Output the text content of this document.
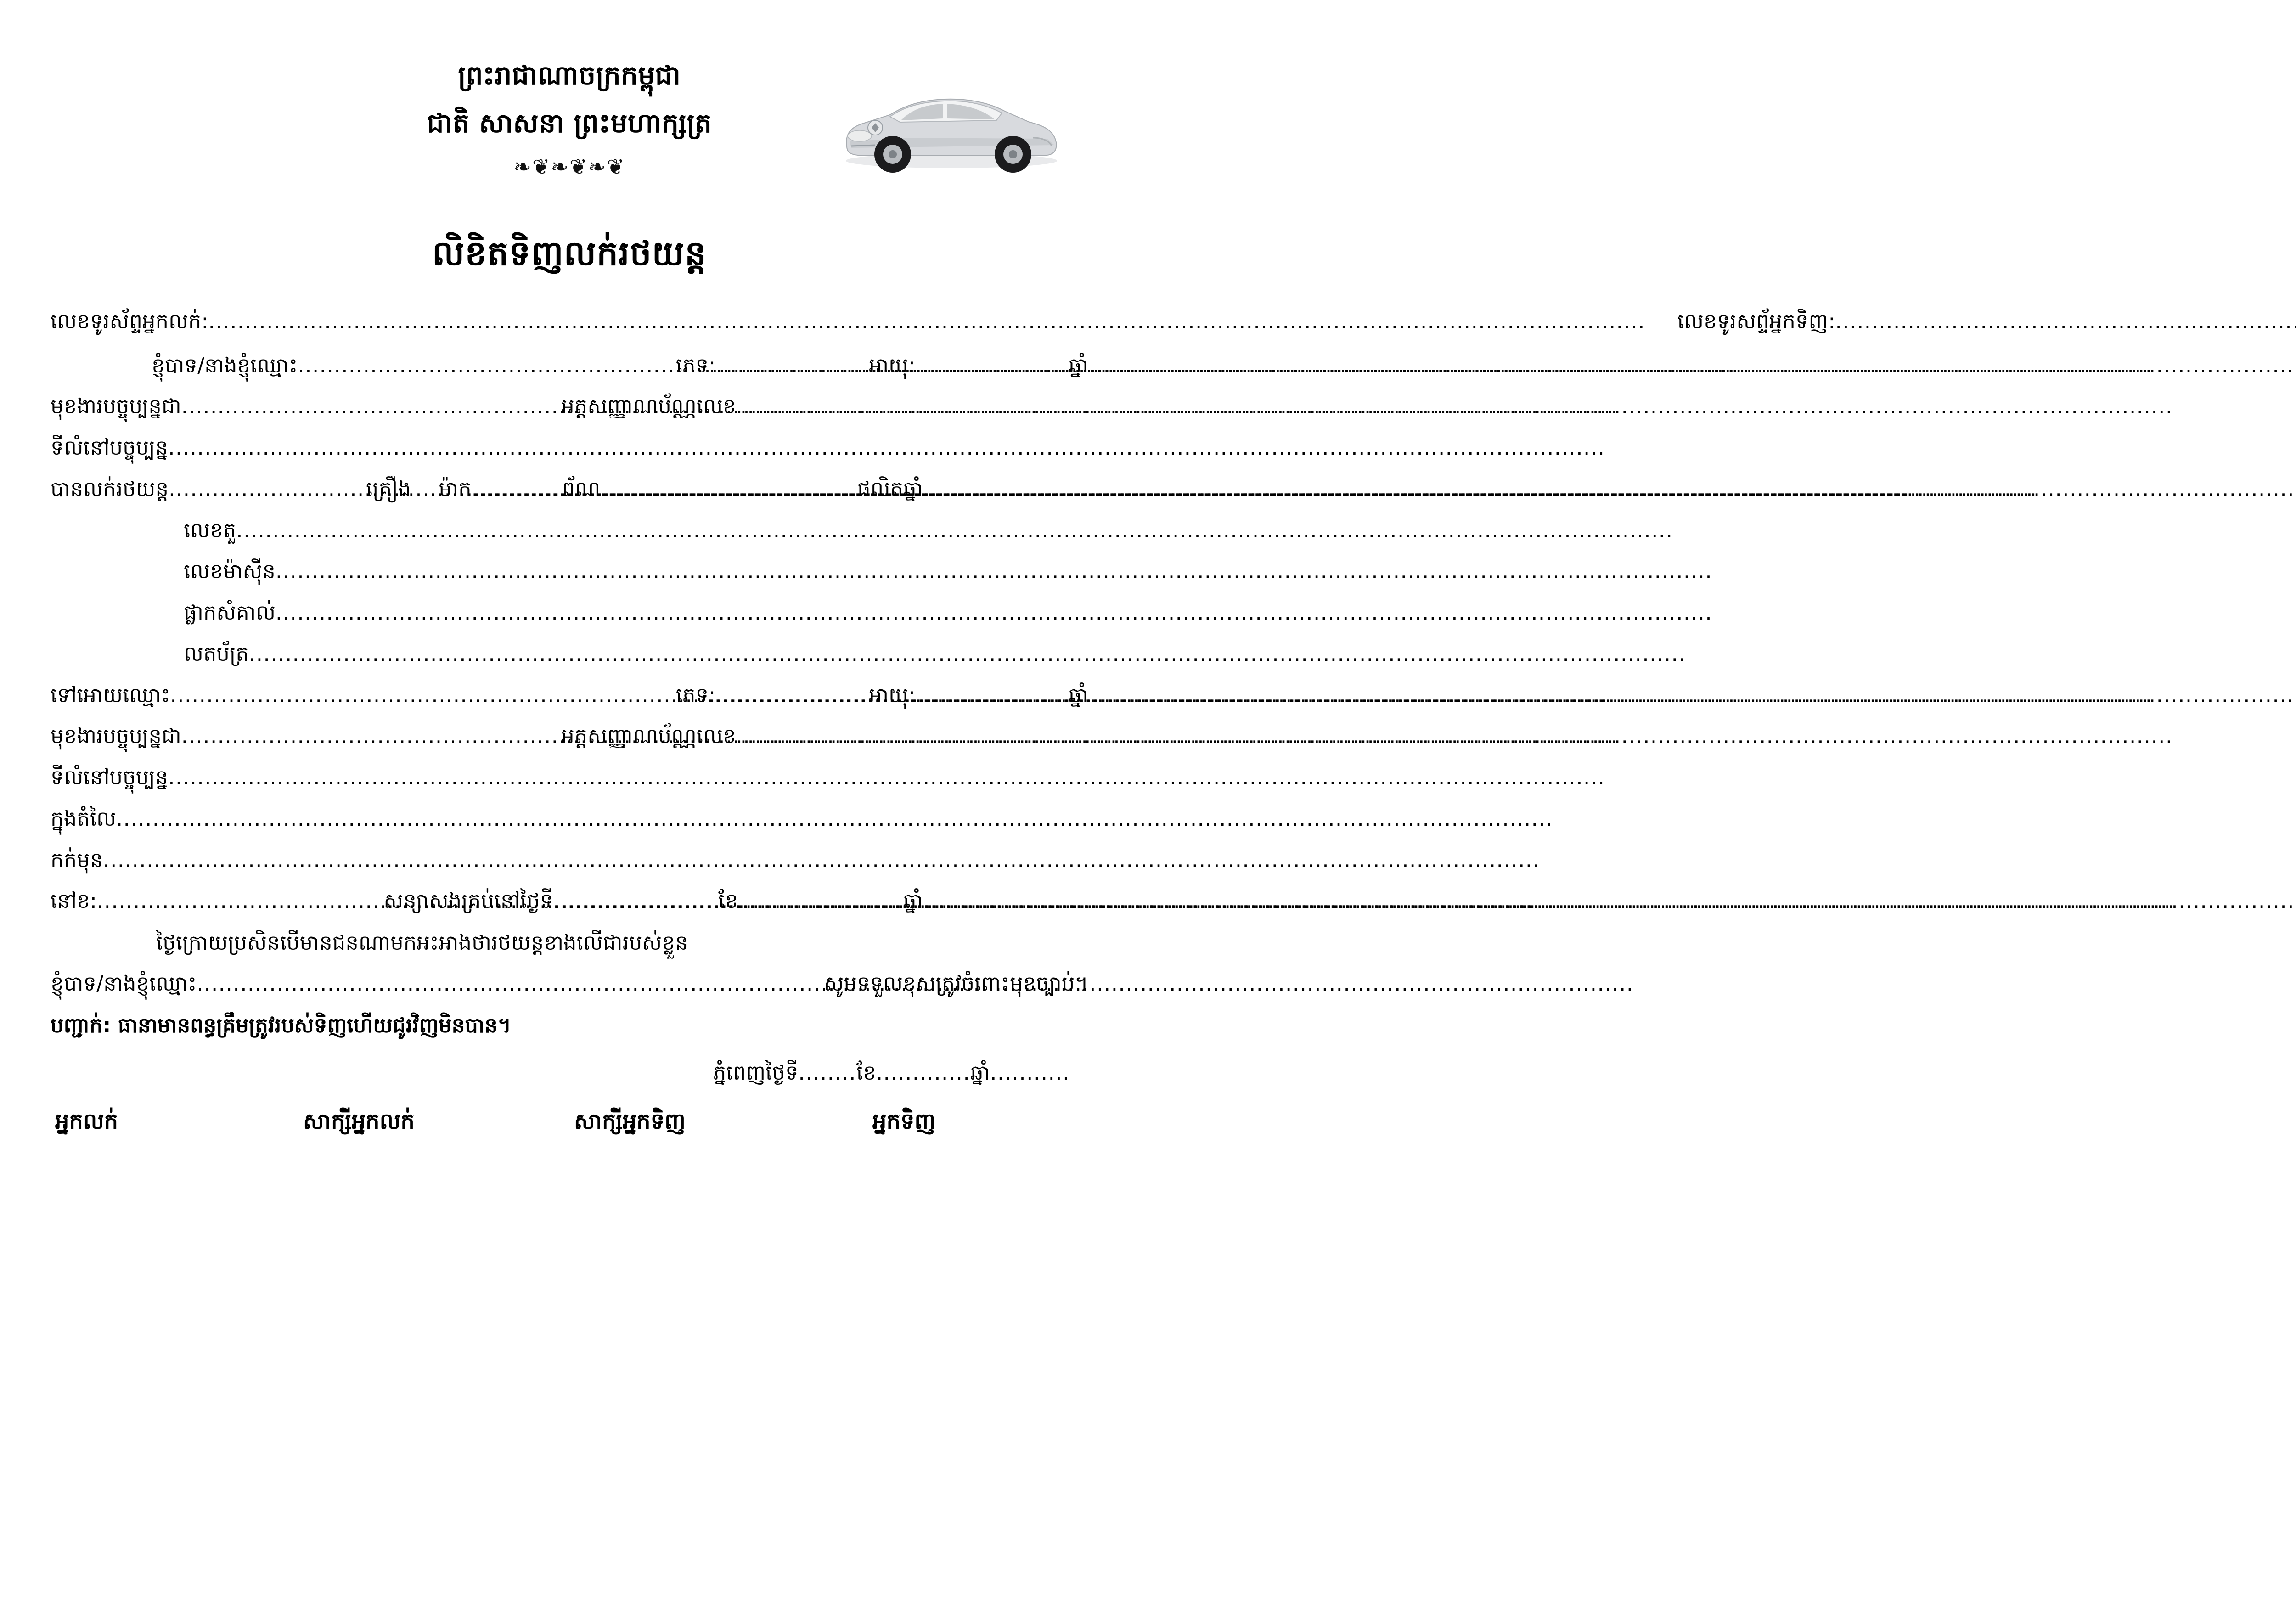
ព្រះរាជាណាចក្រកម្ពុជា
ជាតិ សាសនា ព្រះមហាក្សត្រ
❧❦❧❦❧❦
លិខិតទិញលក់រថយន្ត
លេខទូរស័ព្ទអ្នកលក់: .....	លេខទូរសព្ទ័អ្នកទិញ:
.....
ខ្ញុំបាទ/នាងខ្ញុំឈ្មោះ .....	ភេទ: .....	អាយុ: .....	ឆ្នាំ
មុខងារបច្ចុប្បន្នជា .....	អត្តសញ្ញាណប័ណ្ណលេខ
.....
ទីលំនៅបច្ចុប្បន្ន
.....
បានលក់រថយន្ត .....	គ្រឿង ម៉ាក .....	ព័ណ .....	ផលិតឆ្នាំ
.....
លេខតួ
.....
លេខម៉ាស៊ីន
.....
ផ្លាកសំគាល់
.....
លតប័ត្រ
.....
ទៅអោយឈ្មោះ .....	ភេទ: .....	អាយុ: .....	ឆ្នាំ
មុខងារបច្ចុប្បន្នជា .....	អត្តសញ្ញាណប័ណ្ណលេខ
.....
ទីលំនៅបច្ចុប្បន្ន
.....
ក្នុងតំលៃ
.....
កក់មុន
.....
នៅខ: .....	សន្យាសងគ្រប់នៅថ្ងៃទី .....	ខែ .....	ឆ្នាំ
.....
ថ្ងៃក្រោយប្រសិនបើមានជនណាមកអះអាងថារថយន្តខាងលើជារបស់ខ្លួន
ខ្ញុំបាទ/នាងខ្ញុំឈ្មោះ .....	សូមទទួលខុសត្រូវចំពោះមុខច្បាប់។
បញ្ជាក់: ធានាមានពន្ធគ្រឹមត្រូវរបស់ទិញហើយជូរវិញមិនបាន។
ភ្នំពេញថ្ងៃទី ........	ខែ .....	ឆ្នាំ
.....
អ្នកលក់	សាក្សីអ្នកលក់	សាក្សីអ្នកទិញ	អ្នកទិញ
